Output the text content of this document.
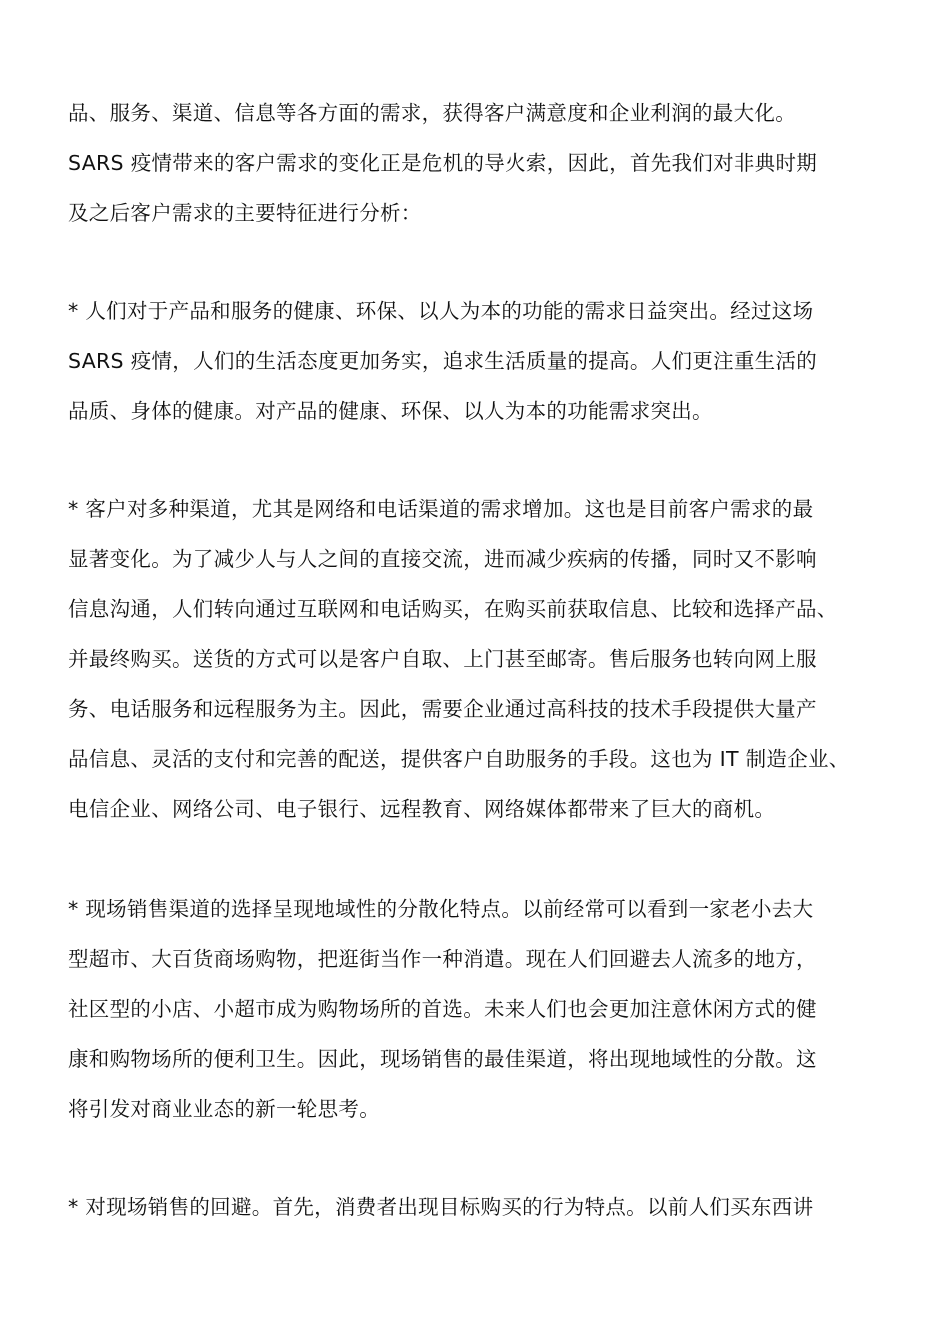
品、服务、渠道、信息等各方面的需求，获得客户满意度和企业利润的最大化。
SARS 疫情带来的客户需求的变化正是危机的导火索，因此，首先我们对非典时期
及之后客户需求的主要特征进行分析：
* 人们对于产品和服务的健康、环保、以人为本的功能的需求日益突出。经过这场
SARS 疫情，人们的生活态度更加务实，追求生活质量的提高。人们更注重生活的
品质、身体的健康。对产品的健康、环保、以人为本的功能需求突出。
* 客户对多种渠道，尤其是网络和电话渠道的需求增加。这也是目前客户需求的最
显著变化。为了减少人与人之间的直接交流，进而减少疾病的传播，同时又不影响
信息沟通，人们转向通过互联网和电话购买，在购买前获取信息、比较和选择产品、
并最终购买。送货的方式可以是客户自取、上门甚至邮寄。售后服务也转向网上服
务、电话服务和远程服务为主。因此，需要企业通过高科技的技术手段提供大量产
品信息、灵活的支付和完善的配送，提供客户自助服务的手段。这也为 IT 制造企业、
电信企业、网络公司、电子银行、远程教育、网络媒体都带来了巨大的商机。
* 现场销售渠道的选择呈现地域性的分散化特点。以前经常可以看到一家老小去大
型超市、大百货商场购物，把逛街当作一种消遣。现在人们回避去人流多的地方，
社区型的小店、小超市成为购物场所的首选。未来人们也会更加注意休闲方式的健
康和购物场所的便利卫生。因此，现场销售的最佳渠道，将出现地域性的分散。这
将引发对商业业态的新一轮思考。
* 对现场销售的回避。首先，消费者出现目标购买的行为特点。以前人们买东西讲
